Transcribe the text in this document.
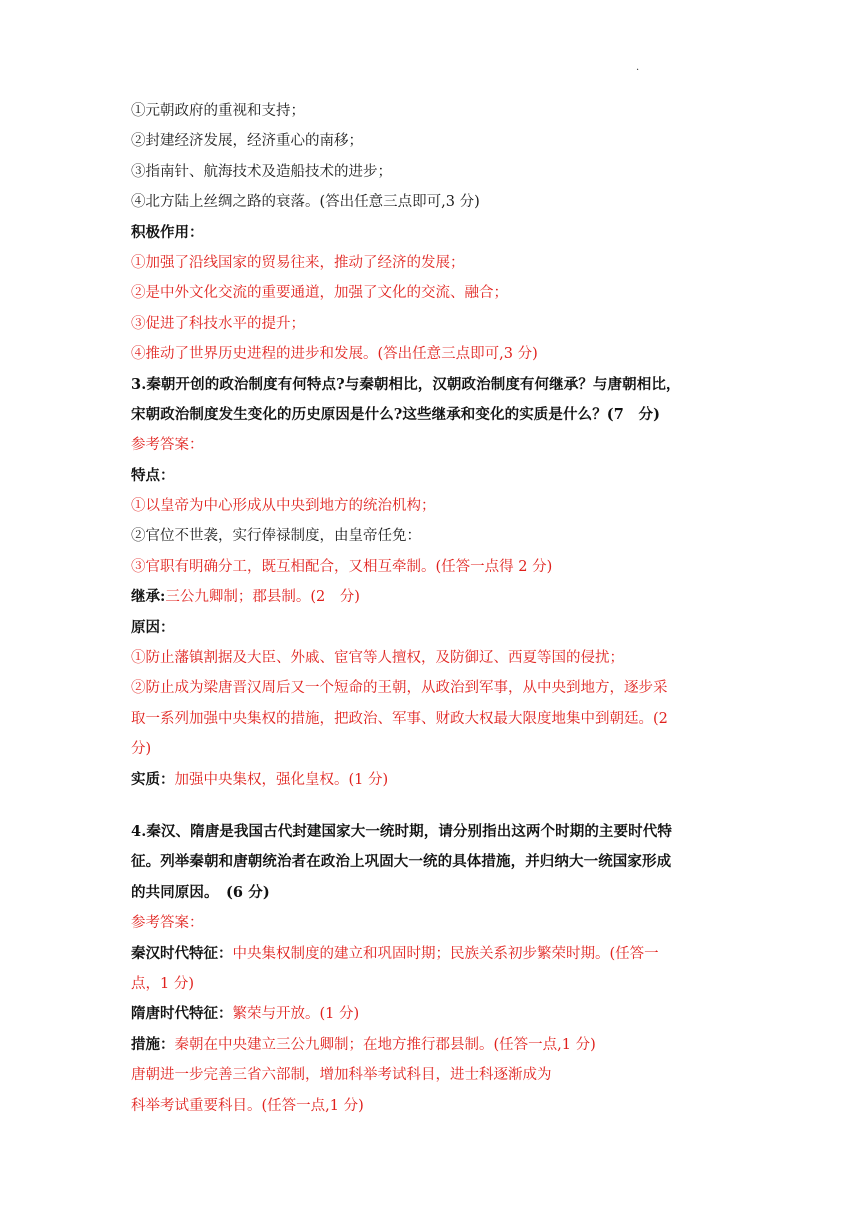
.
①元朝政府的重视和支持；
②封建经济发展，经济重心的南移；
③指南针、航海技术及造船技术的进步；
④北方陆上丝绸之路的衰落。(答出任意三点即可,3 分)
积极作用：
①加强了沿线国家的贸易往来，推动了经济的发展；
②是中外文化交流的重要通道，加强了文化的交流、融合；
③促进了科技水平的提升；
④推动了世界历史进程的进步和发展。(答出任意三点即可,3 分)
3.秦朝开创的政治制度有何特点?与秦朝相比，汉朝政治制度有何继承？与唐朝相比，
宋朝政治制度发生变化的历史原因是什么?这些继承和变化的实质是什么？(7　分)
参考答案：
特点：
①以皇帝为中心形成从中央到地方的统治机构；
②官位不世袭，实行俸禄制度，由皇帝任免：
③官职有明确分工，既互相配合，又相互牵制。(任答一点得 2 分)
继承:三公九卿制；郡县制。(2　分)
原因：
①防止藩镇割据及大臣、外戚、宦官等人擅权，及防御辽、西夏等国的侵扰；
②防止成为梁唐晋汉周后又一个短命的王朝，从政治到军事，从中央到地方，逐步采
取一系列加强中央集权的措施，把政治、军事、财政大权最大限度地集中到朝廷。(2
分)
实质：加强中央集权，强化皇权。(1 分)
4.秦汉、隋唐是我国古代封建国家大一统时期，请分别指出这两个时期的主要时代特
征。列举秦朝和唐朝统治者在政治上巩固大一统的具体措施，并归纳大一统国家形成
的共同原因。　(6 分)
参考答案：
秦汉时代特征：中央集权制度的建立和巩固时期；民族关系初步繁荣时期。(任答一
点，1 分)
隋唐时代特征：繁荣与开放。(1 分)
措施：秦朝在中央建立三公九卿制；在地方推行郡县制。(任答一点,1 分)
唐朝进一步完善三省六部制，增加科举考试科目，进士科逐渐成为
科举考试重要科目。(任答一点,1 分)
